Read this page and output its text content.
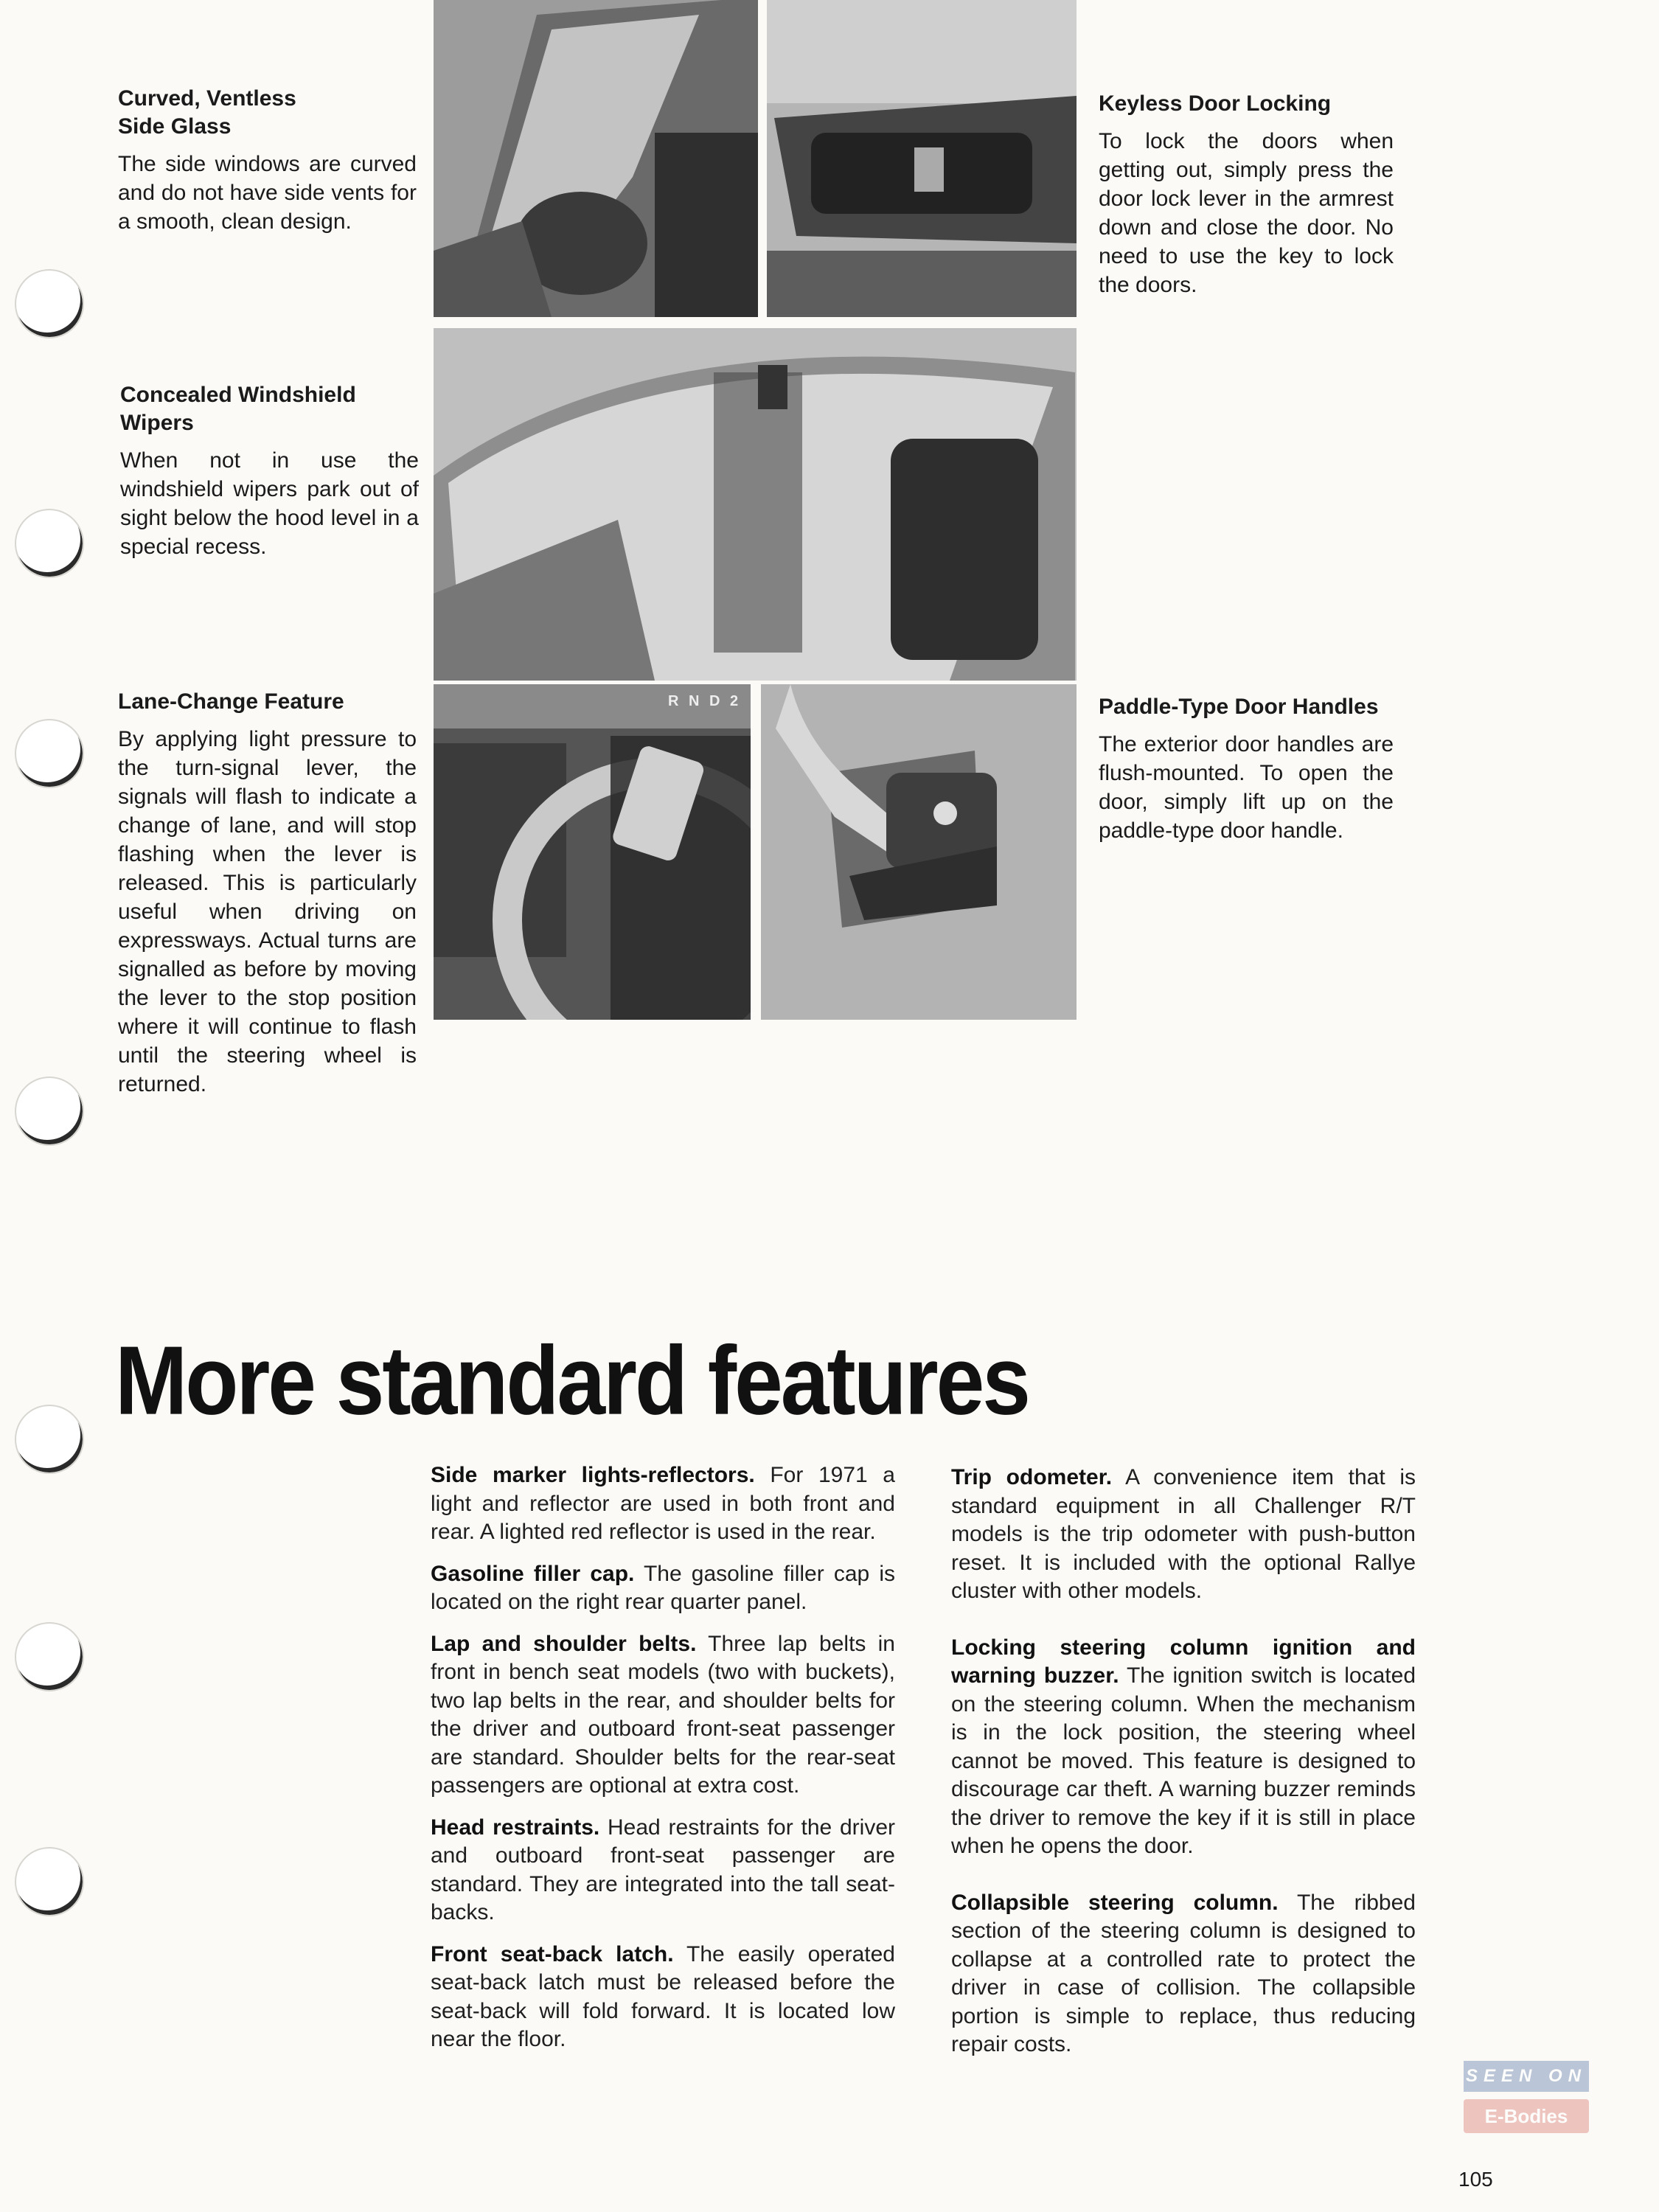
Curved, Ventless Side Glass
The side windows are curved and do not have side vents for a smooth, clean design.
Keyless Door Locking
To lock the doors when getting out, simply press the door lock lever in the armrest down and close the door. No need to use the key to lock the doors.
Concealed Windshield Wipers
When not in use the windshield wipers park out of sight below the hood level in a special recess.
Lane-Change Feature
By applying light pressure to the turn-signal lever, the signals will flash to indicate a change of lane, and will stop flashing when the lever is released. This is particularly useful when driving on expressways. Actual turns are signalled as before by moving the lever to the stop position where it will continue to flash until the steering wheel is returned.
Paddle-Type Door Handles
The exterior door handles are flush-mounted. To open the door, simply lift up on the paddle-type door handle.
R N D 2
More standard features

Side marker lights-reflectors. For 1971 a light and reflector are used in both front and rear. A lighted red reflector is used in the rear.

Gasoline filler cap. The gasoline filler cap is located on the right rear quarter panel.

Lap and shoulder belts. Three lap belts in front in bench seat models (two with buckets), two lap belts in the rear, and shoulder belts for the driver and outboard front-seat passenger are standard. Shoulder belts for the rear-seat passengers are optional at extra cost.

Head restraints. Head restraints for the driver and outboard front-seat passenger are standard. They are integrated into the tall seat-backs.

Front seat-back latch. The easily operated seat-back latch must be released before the seat-back will fold forward. It is located low near the floor.

Trip odometer. A convenience item that is standard equipment in all Challenger R/T models is the trip odometer with push-button reset. It is included with the optional Rallye cluster with other models.

Locking steering column ignition and warning buzzer. The ignition switch is located on the steering column. When the mechanism is in the lock position, the steering wheel cannot be moved. This feature is designed to discourage car theft. A warning buzzer reminds the driver to remove the key if it is still in place when he opens the door.

Collapsible steering column. The ribbed section of the steering column is designed to collapse at a controlled rate to protect the driver in case of collision. The collapsible portion is simple to replace, thus reducing repair costs.

SEEN ON
E-Bodies
105
